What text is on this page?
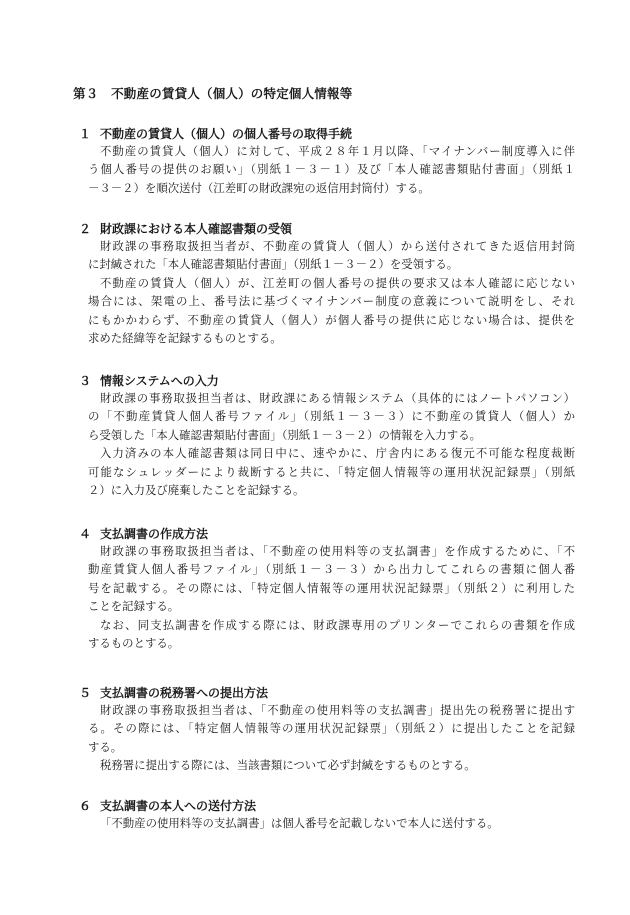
第３　不動産の賃貸人（個人）の特定個人情報等
１ 不動産の賃貸人（個人）の個人番号の取得手続
不動産の賃貸人（個人）に対して、平成２８年１月以降、「マイナンバー制度導入に伴
う個人番号の提供のお願い」（別紙１－３－１）及び「本人確認書類貼付書面」（別紙１
－３－２）を順次送付（江差町の財政課宛の返信用封筒付）する。
２ 財政課における本人確認書類の受領
財政課の事務取扱担当者が、不動産の賃貸人（個人）から送付されてきた返信用封筒
に封緘された「本人確認書類貼付書面」（別紙１－３－２）を受領する。
不動産の賃貸人（個人）が、江差町の個人番号の提供の要求又は本人確認に応じない
場合には、架電の上、番号法に基づくマイナンバー制度の意義について説明をし、それ
にもかかわらず、不動産の賃貸人（個人）が個人番号の提供に応じない場合は、提供を
求めた経緯等を記録するものとする。
３ 情報システムへの入力
財政課の事務取扱担当者は、財政課にある情報システム（具体的にはノートパソコン）
の「不動産賃貸人個人番号ファイル」（別紙１－３－３）に不動産の賃貸人（個人）か
ら受領した「本人確認書類貼付書面」（別紙１－３－２）の情報を入力する。
入力済みの本人確認書類は同日中に、速やかに、庁舎内にある復元不可能な程度裁断
可能なシュレッダーにより裁断すると共に、「特定個人情報等の運用状況記録票」（別紙
２）に入力及び廃棄したことを記録する。
４ 支払調書の作成方法
財政課の事務取扱担当者は、「不動産の使用料等の支払調書」を作成するために、「不
動産賃貸人個人番号ファイル」（別紙１－３－３）から出力してこれらの書類に個人番
号を記載する。その際には、「特定個人情報等の運用状況記録票」（別紙２）に利用した
ことを記録する。
なお、同支払調書を作成する際には、財政課専用のプリンターでこれらの書類を作成
するものとする。
５ 支払調書の税務署への提出方法
財政課の事務取扱担当者は、「不動産の使用料等の支払調書」提出先の税務署に提出す
る。その際には、「特定個人情報等の運用状況記録票」（別紙２）に提出したことを記録
する。
税務署に提出する際には、当該書類について必ず封緘をするものとする。
６ 支払調書の本人への送付方法
「不動産の使用料等の支払調書」は個人番号を記載しないで本人に送付する。
